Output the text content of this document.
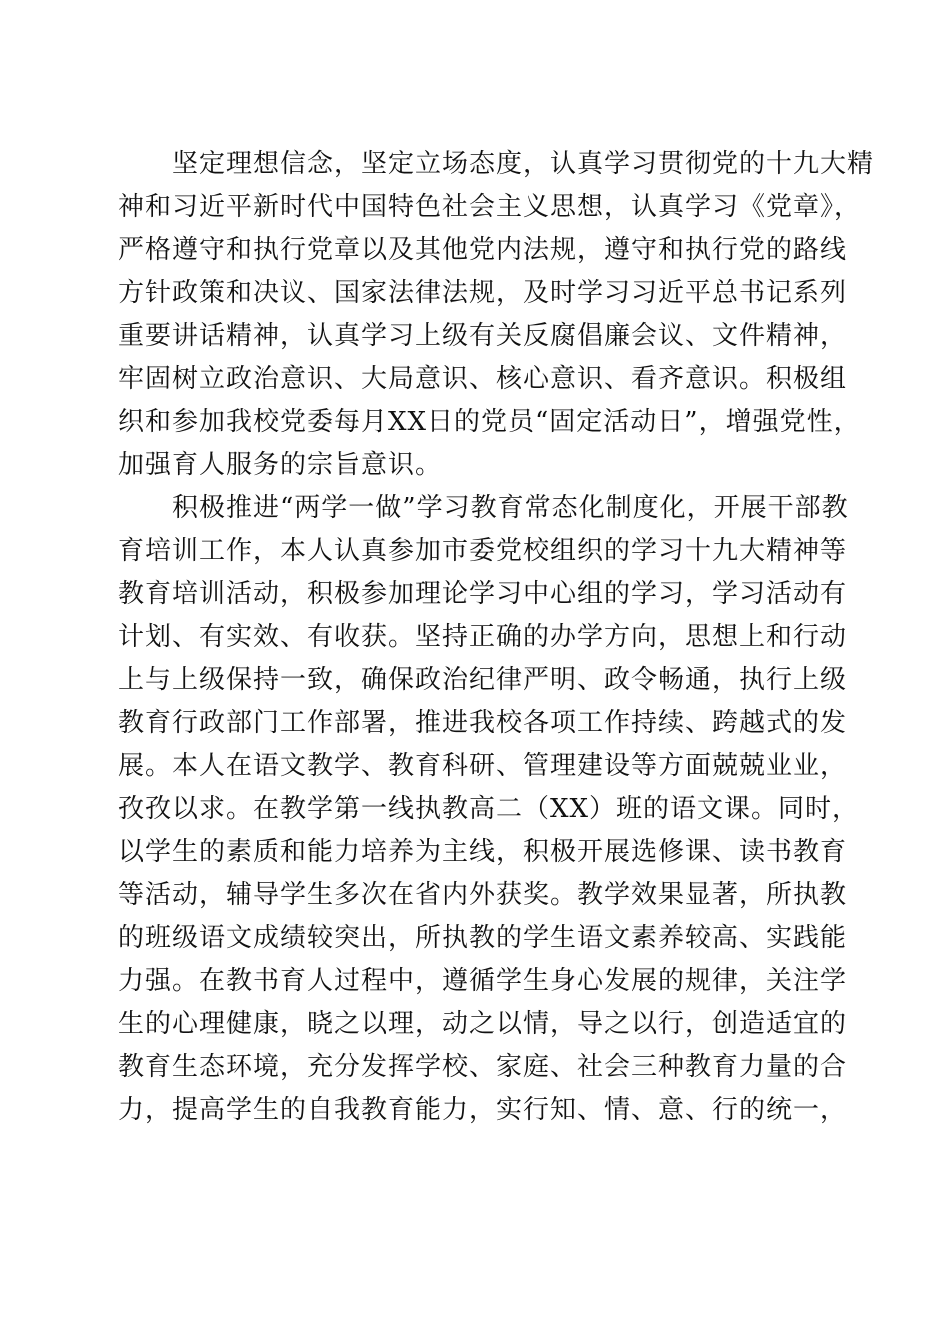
　　坚定理想信念，坚定立场态度，认真学习贯彻党的十九大精
神和习近平新时代中国特色社会主义思想，认真学习《党章》，
严格遵守和执行党章以及其他党内法规，遵守和执行党的路线
方针政策和决议、国家法律法规，及时学习习近平总书记系列
重要讲话精神，认真学习上级有关反腐倡廉会议、文件精神，
牢固树立政治意识、大局意识、核心意识、看齐意识。积极组
织和参加我校党委每月XX日的党员“固定活动日”，增强党性，
加强育人服务的宗旨意识。
　　积极推进“两学一做”学习教育常态化制度化，开展干部教
育培训工作，本人认真参加市委党校组织的学习十九大精神等
教育培训活动，积极参加理论学习中心组的学习，学习活动有
计划、有实效、有收获。坚持正确的办学方向，思想上和行动
上与上级保持一致，确保政治纪律严明、政令畅通，执行上级
教育行政部门工作部署，推进我校各项工作持续、跨越式的发
展。本人在语文教学、教育科研、管理建设等方面兢兢业业，
孜孜以求。在教学第一线执教高二（XX）班的语文课。同时，
以学生的素质和能力培养为主线，积极开展选修课、读书教育
等活动，辅导学生多次在省内外获奖。教学效果显著，所执教
的班级语文成绩较突出，所执教的学生语文素养较高、实践能
力强。在教书育人过程中，遵循学生身心发展的规律，关注学
生的心理健康，晓之以理，动之以情，导之以行，创造适宜的
教育生态环境，充分发挥学校、家庭、社会三种教育力量的合
力，提高学生的自我教育能力，实行知、情、意、行的统一，
